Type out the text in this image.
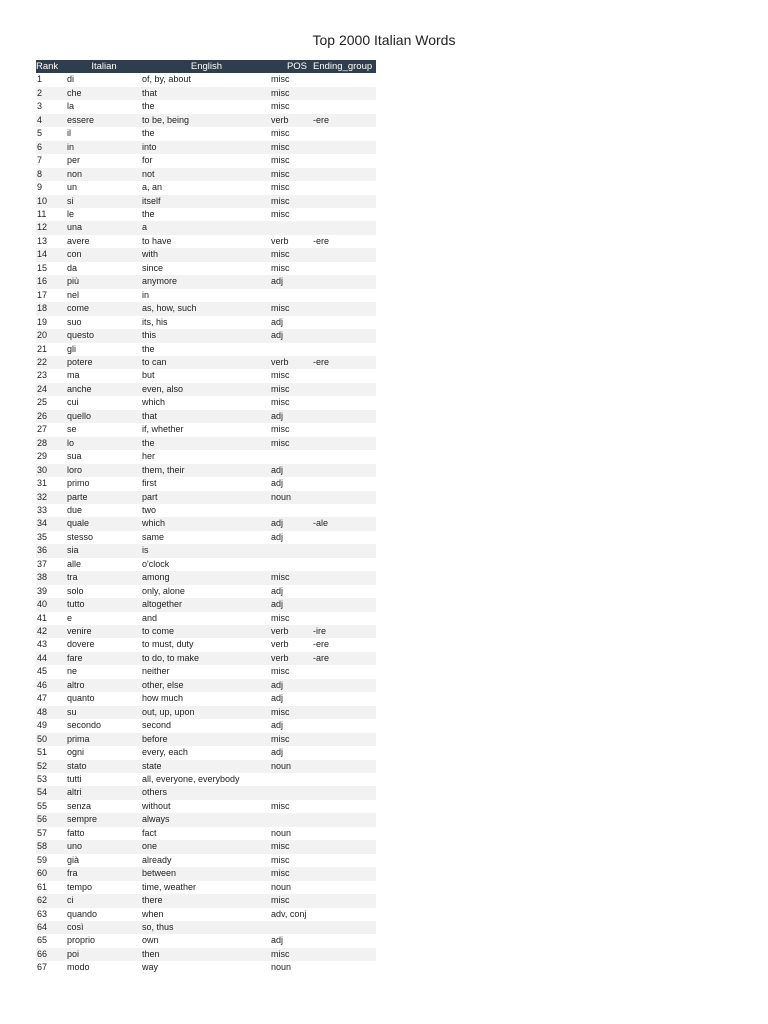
Top 2000 Italian Words
Rank	Italian	English	POS	Ending_group
1	di	of, by, about	misc	
2	che	that	misc	
3	la	the	misc	
4	essere	to be, being	verb	-ere
5	il	the	misc	
6	in	into	misc	
7	per	for	misc	
8	non	not	misc	
9	un	a, an	misc	
10	si	itself	misc	
11	le	the	misc	
12	una	a		
13	avere	to have	verb	-ere
14	con	with	misc	
15	da	since	misc	
16	più	anymore	adj	
17	nel	in		
18	come	as, how, such	misc	
19	suo	its, his	adj	
20	questo	this	adj	
21	gli	the		
22	potere	to can	verb	-ere
23	ma	but	misc	
24	anche	even, also	misc	
25	cui	which	misc	
26	quello	that	adj	
27	se	if, whether	misc	
28	lo	the	misc	
29	sua	her		
30	loro	them, their	adj	
31	primo	first	adj	
32	parte	part	noun	
33	due	two		
34	quale	which	adj	-ale
35	stesso	same	adj	
36	sia	is		
37	alle	o'clock		
38	tra	among	misc	
39	solo	only, alone	adj	
40	tutto	altogether	adj	
41	e	and	misc	
42	venire	to come	verb	-ire
43	dovere	to must, duty	verb	-ere
44	fare	to do, to make	verb	-are
45	ne	neither	misc	
46	altro	other, else	adj	
47	quanto	how much	adj	
48	su	out, up, upon	misc	
49	secondo	second	adj	
50	prima	before	misc	
51	ogni	every, each	adj	
52	stato	state	noun	
53	tutti	all, everyone, everybody		
54	altri	others		
55	senza	without	misc	
56	sempre	always		
57	fatto	fact	noun	
58	uno	one	misc	
59	già	already	misc	
60	fra	between	misc	
61	tempo	time, weather	noun	
62	ci	there	misc	
63	quando	when	adv, conj	
64	così	so, thus		
65	proprio	own	adj	
66	poi	then	misc	
67	modo	way	noun	
